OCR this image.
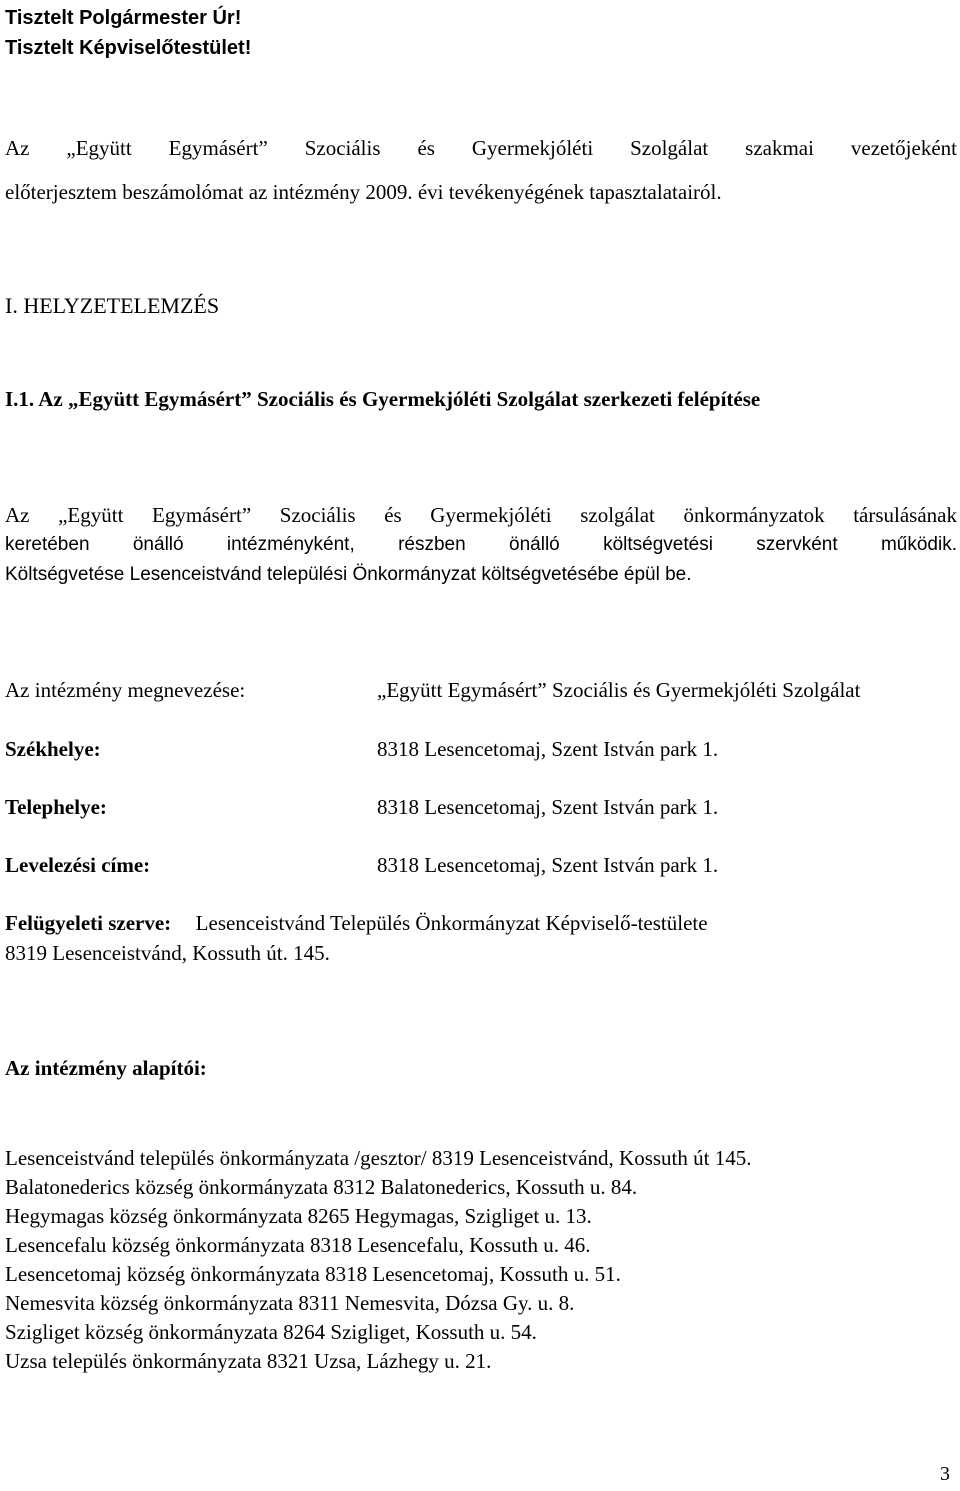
Tisztelt Polgármester Úr!
Tisztelt Képviselőtestület!
Az „Együtt Egymásért” Szociális és Gyermekjóléti Szolgálat szakmai vezetőjeként
előterjesztem beszámolómat az intézmény 2009. évi tevékenyégének tapasztalatairól.
I. HELYZETELEMZÉS
I.1. Az „Együtt Egymásért” Szociális és Gyermekjóléti Szolgálat szerkezeti felépítése
Az „Együtt Egymásért” Szociális és Gyermekjóléti szolgálat önkormányzatok társulásának
keretében önálló intézményként, részben önálló költségvetési szervként működik.
Költségvetése Lesenceistvánd települési Önkormányzat költségvetésébe épül be.
Az intézmény megnevezése:	„Együtt Egymásért” Szociális és Gyermekjóléti Szolgálat
Székhelye:	8318 Lesencetomaj, Szent István park 1.
Telephelye:	8318 Lesencetomaj, Szent István park 1.
Levelezési címe:	8318 Lesencetomaj, Szent István park 1.
Felügyeleti szerve: Lesenceistvánd Település Önkormányzat Képviselő-testülete
8319 Lesenceistvánd, Kossuth út. 145.
Az intézmény alapítói:
Lesenceistvánd település önkormányzata /gesztor/ 8319 Lesenceistvánd, Kossuth út 145.
Balatonederics község önkormányzata 8312 Balatonederics, Kossuth u. 84.
Hegymagas község önkormányzata 8265 Hegymagas, Szigliget u. 13.
Lesencefalu község önkormányzata 8318 Lesencefalu, Kossuth u. 46.
Lesencetomaj község önkormányzata 8318 Lesencetomaj, Kossuth u. 51.
Nemesvita község önkormányzata 8311 Nemesvita, Dózsa Gy. u. 8.
Szigliget község önkormányzata 8264 Szigliget, Kossuth u. 54.
Uzsa település önkormányzata 8321 Uzsa, Lázhegy u. 21.
3
